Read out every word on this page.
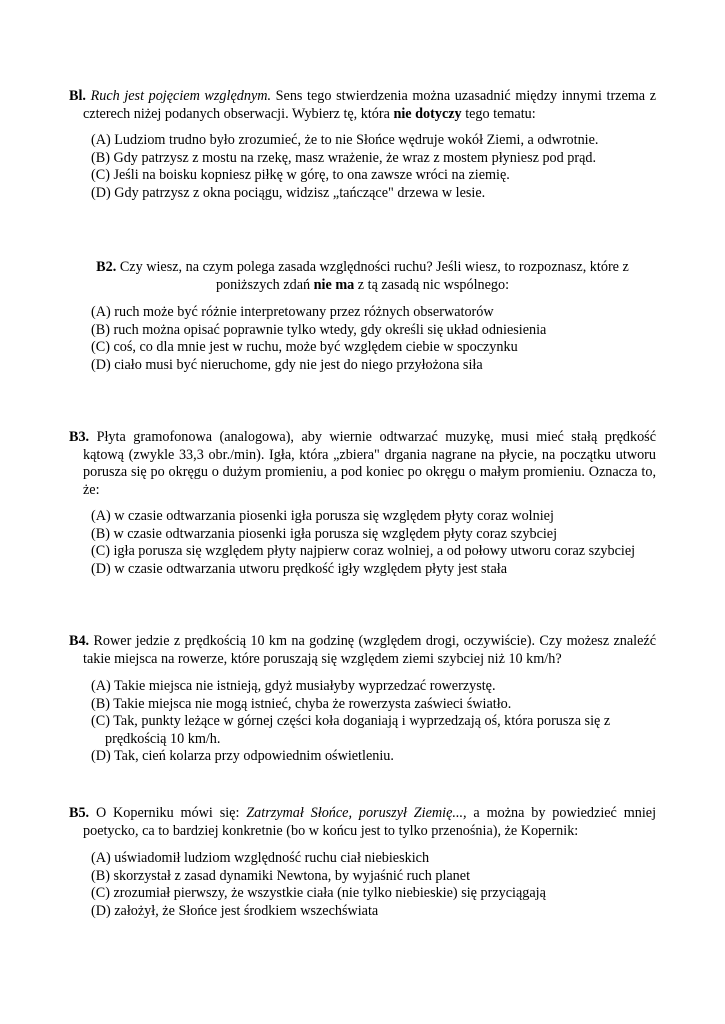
Bl. Ruch jest pojęciem względnym. Sens tego stwierdzenia można uzasadnić między innymi trzema z czterech niżej podanych obserwacji. Wybierz tę, która nie dotyczy tego tematu:

(A) Ludziom trudno było zrozumieć, że to nie Słońce wędruje wokół Ziemi, a odwrotnie.
(B) Gdy patrzysz z mostu na rzekę, masz wrażenie, że wraz z mostem płyniesz pod prąd.
(C) Jeśli na boisku kopniesz piłkę w górę, to ona zawsze wróci na ziemię.
(D) Gdy patrzysz z okna pociągu, widzisz „tańczące" drzewa w lesie.

B2. Czy wiesz, na czym polega zasada względności ruchu? Jeśli wiesz, to rozpoznasz, które z poniższych zdań nie ma z tą zasadą nic wspólnego:

(A) ruch może być różnie interpretowany przez różnych obserwatorów
(B) ruch można opisać poprawnie tylko wtedy, gdy określi się układ odniesienia
(C) coś, co dla mnie jest w ruchu, może być względem ciebie w spoczynku
(D) ciało musi być nieruchome, gdy nie jest do niego przyłożona siła

B3. Płyta gramofonowa (analogowa), aby wiernie odtwarzać muzykę, musi mieć stałą prędkość kątową (zwykle 33,3 obr./min). Igła, która „zbiera" drgania nagrane na płycie, na początku utworu porusza się po okręgu o dużym promieniu, a pod koniec po okręgu o małym promieniu. Oznacza to, że:

(A) w czasie odtwarzania piosenki igła porusza się względem płyty coraz wolniej
(B) w czasie odtwarzania piosenki igła porusza się względem płyty coraz szybciej
(C) igła porusza się względem płyty najpierw coraz wolniej, a od połowy utworu coraz szybciej
(D) w czasie odtwarzania utworu prędkość igły względem płyty jest stała

B4. Rower jedzie z prędkością 10 km na godzinę (względem drogi, oczywiście). Czy możesz znaleźć takie miejsca na rowerze, które poruszają się względem ziemi szybciej niż 10 km/h?

(A) Takie miejsca nie istnieją, gdyż musiałyby wyprzedzać rowerzystę.
(B) Takie miejsca nie mogą istnieć, chyba że rowerzysta zaświeci światło.
(C) Tak, punkty leżące w górnej części koła doganiają i wyprzedzają oś, która porusza się z prędkością 10 km/h.
(D) Tak, cień kolarza przy odpowiednim oświetleniu.

B5. O Koperniku mówi się: Zatrzymał Słońce, poruszył Ziemię..., a można by powiedzieć mniej poetycko, ca to bardziej konkretnie (bo w końcu jest to tylko przenośnia), że Kopernik:

(A) uświadomił ludziom względność ruchu ciał niebieskich
(B) skorzystał z zasad dynamiki Newtona, by wyjaśnić ruch planet
(C) zrozumiał pierwszy, że wszystkie ciała (nie tylko niebieskie) się przyciągają
(D) założył, że Słońce jest środkiem wszechświata
